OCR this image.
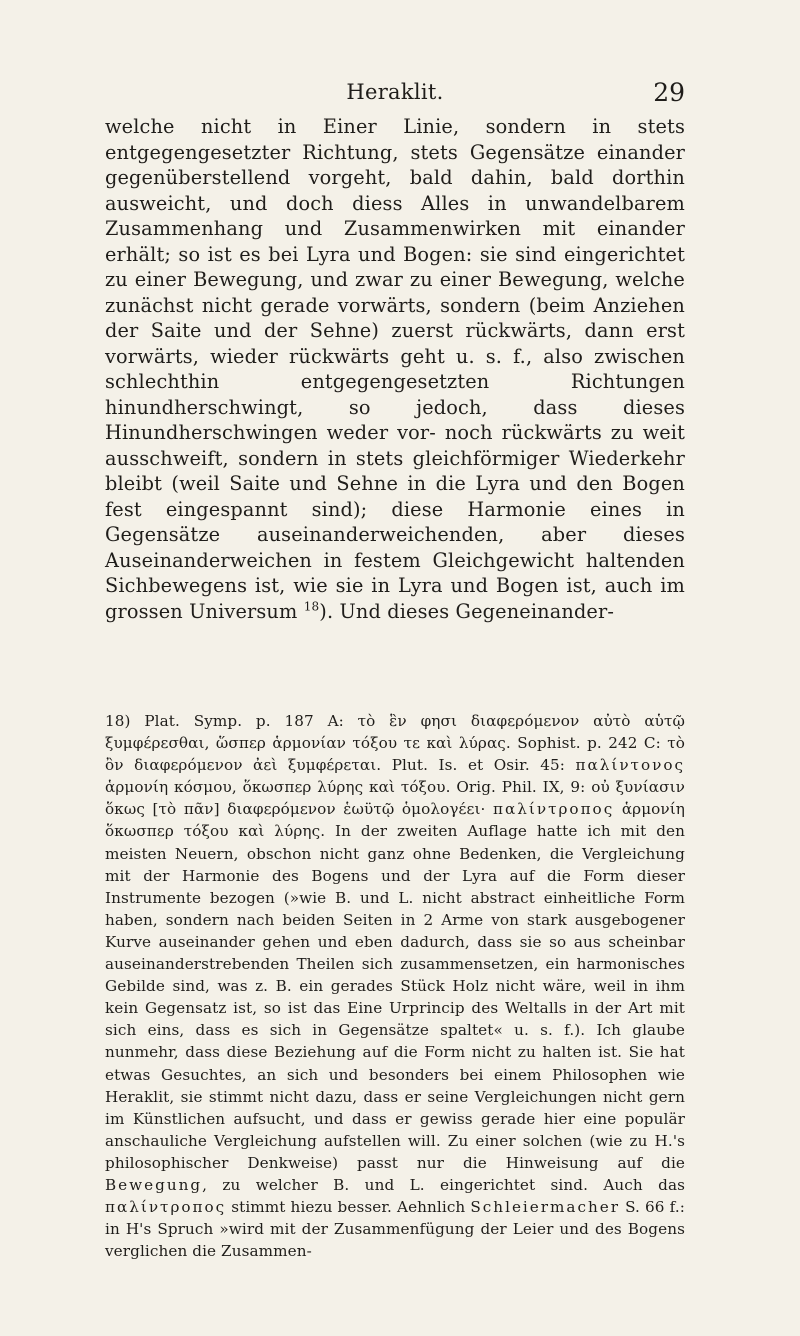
Heraklit.	29

welche nicht in Einer Linie, sondern in stets entgegengesetzter Richtung, stets Gegensätze einander gegenüberstellend vorgeht, bald dahin, bald dorthin ausweicht, und doch diess Alles in unwandelbarem Zusammenhang und Zusammenwirken mit einander erhält; so ist es bei Lyra und Bogen: sie sind eingerichtet zu einer Bewegung, und zwar zu einer Bewegung, welche zunächst nicht gerade vorwärts, sondern (beim Anziehen der Saite und der Sehne) zuerst rückwärts, dann erst vorwärts, wieder rückwärts geht u. s. f., also zwischen schlechthin entgegengesetzten Richtungen hinundherschwingt, so jedoch, dass dieses Hinundherschwingen weder vor- noch rückwärts zu weit ausschweift, sondern in stets gleichförmiger Wiederkehr bleibt (weil Saite und Sehne in die Lyra und den Bogen fest eingespannt sind); diese Harmonie eines in Gegensätze auseinanderweichenden, aber dieses Auseinanderweichen in festem Gleichgewicht haltenden Sichbewegens ist, wie sie in Lyra und Bogen ist, auch im grossen Universum $^{18}$). Und dieses Gegeneinander-

18) Plat. Symp. p. 187 A: τὸ ἓν φησι διαφερόμενον αὐτὸ αὑτῷ ξυμφέρεσθαι, ὥσπερ ἁρμονίαν τόξου τε καὶ λύρας. Sophist. p. 242 C: τὸ ὂν διαφερόμενον ἀεὶ ξυμφέρεται. Plut. Is. et Osir. 45: παλίντονος ἁρμονίη κόσμου, ὅκωσπερ λύρης καὶ τόξου. Orig. Phil. IX, 9: οὐ ξυνίασιν ὅκως [τὸ πᾶν] διαφερόμενον ἑωϋτῷ ὁμολογέει· παλίντροπος ἁρμονίη ὅκωσπερ τόξου καὶ λύρης. In der zweiten Auflage hatte ich mit den meisten Neuern, obschon nicht ganz ohne Bedenken, die Vergleichung mit der Harmonie des Bogens und der Lyra auf die Form dieser Instrumente bezogen (»wie B. und L. nicht abstract einheitliche Form haben, sondern nach beiden Seiten in 2 Arme von stark ausgebogener Kurve auseinander gehen und eben dadurch, dass sie so aus scheinbar auseinanderstrebenden Theilen sich zusammensetzen, ein harmonisches Gebilde sind, was z. B. ein gerades Stück Holz nicht wäre, weil in ihm kein Gegensatz ist, so ist das Eine Urprincip des Weltalls in der Art mit sich eins, dass es sich in Gegensätze spaltet« u. s. f.). Ich glaube nunmehr, dass diese Beziehung auf die Form nicht zu halten ist. Sie hat etwas Gesuchtes, an sich und besonders bei einem Philosophen wie Heraklit, sie stimmt nicht dazu, dass er seine Vergleichungen nicht gern im Künstlichen aufsucht, und dass er gewiss gerade hier eine populär anschauliche Vergleichung aufstellen will. Zu einer solchen (wie zu H.'s philosophischer Denkweise) passt nur die Hinweisung auf die Bewegung, zu welcher B. und L. eingerichtet sind. Auch das παλίντροπος stimmt hiezu besser. Aehnlich Schleiermacher S. 66 f.: in H's Spruch »wird mit der Zusammenfügung der Leier und des Bogens verglichen die Zusammen-
